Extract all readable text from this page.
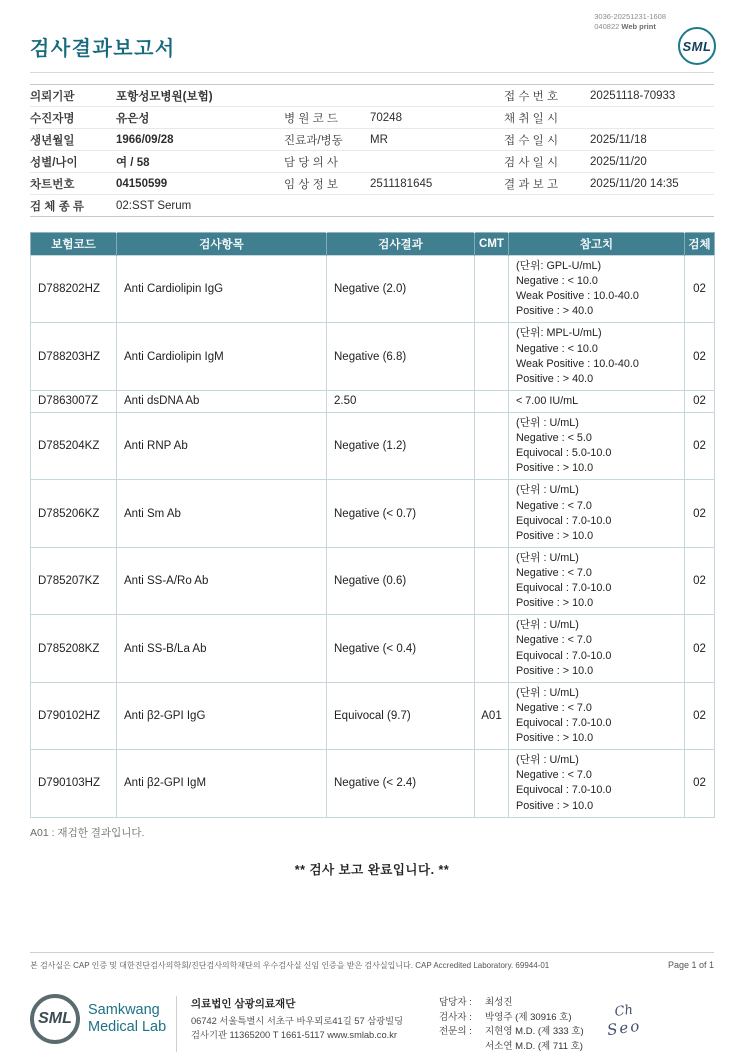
3036-20251231-1608
040822 Web print
SML
검사결과보고서
의뢰기관	포항성모병원(보험)			접 수 번 호	20251118-70933
수진자명	유은성	병 원 코 드	70248	채 취 일 시	
생년월일	1966/09/28	진료과/병동	MR	접 수 일 시	2025/11/18
성별/나이	여 / 58	담 당 의 사		검 사 일 시	2025/11/20
차트번호	04150599	임 상 정 보	2511181645	결 과 보 고	2025/11/20 14:35
검 체 종 류	02:SST Serum				
보험코드	검사항목	검사결과	CMT	참고치	검체
D788202HZ	Anti Cardiolipin IgG	Negative (2.0)		(단위: GPL-U/mL)
Negative : < 10.0
Weak Positive : 10.0-40.0
Positive : > 40.0	02
D788203HZ	Anti Cardiolipin IgM	Negative (6.8)		(단위: MPL-U/mL)
Negative : < 10.0
Weak Positive : 10.0-40.0
Positive : > 40.0	02
D7863007Z	Anti dsDNA Ab	2.50		< 7.00 IU/mL	02
D785204KZ	Anti RNP Ab	Negative (1.2)		(단위 : U/mL)
Negative : < 5.0
Equivocal : 5.0-10.0
Positive : > 10.0	02
D785206KZ	Anti Sm Ab	Negative (< 0.7)		(단위 : U/mL)
Negative : < 7.0
Equivocal : 7.0-10.0
Positive : > 10.0	02
D785207KZ	Anti SS-A/Ro Ab	Negative (0.6)		(단위 : U/mL)
Negative : < 7.0
Equivocal : 7.0-10.0
Positive : > 10.0	02
D785208KZ	Anti SS-B/La Ab	Negative (< 0.4)		(단위 : U/mL)
Negative : < 7.0
Equivocal : 7.0-10.0
Positive : > 10.0	02
D790102HZ	Anti β2-GPI IgG	Equivocal (9.7)	A01	(단위 : U/mL)
Negative : < 7.0
Equivocal : 7.0-10.0
Positive : > 10.0	02
D790103HZ	Anti β2-GPI IgM	Negative (< 2.4)		(단위 : U/mL)
Negative : < 7.0
Equivocal : 7.0-10.0
Positive : > 10.0	02
A01 : 재검한 결과입니다.
** 검사 보고 완료입니다. **
본 검사실은 CAP 인증 및 대한진단검사의학회/진단검사의학재단의 우수검사실 신임 인증을 받은 검사실입니다. CAP Accredited Laboratory. 69944-01	Page 1 of 1
SML
Samkwang
Medical Lab
의료법인 삼광의료재단
06742 서울특별시 서초구 바우뫼로41길 57 삼광빌딩
검사기관 11365200 T 1661-5117 www.smlab.co.kr
담당자 :	최성진
검사자 :	박영주 (제 30916 호)
전문의 :	지현영 M.D. (제 333 호)
서소연 M.D. (제 711 호)
Ch
Seo
